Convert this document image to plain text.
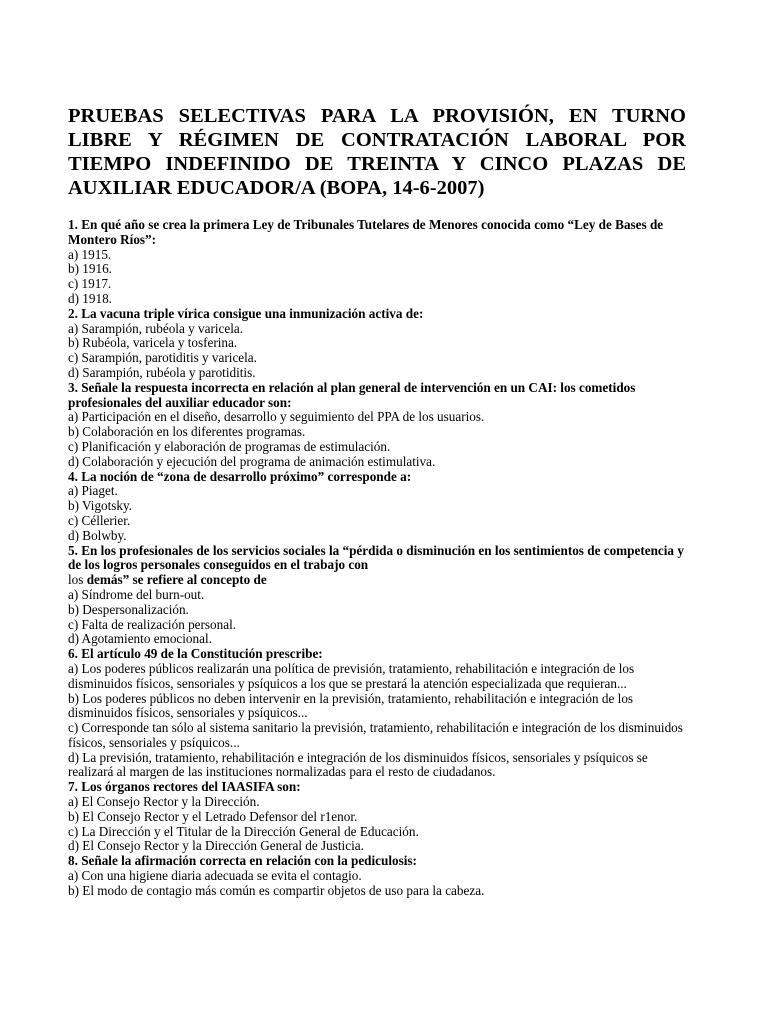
PRUEBAS SELECTIVAS PARA LA PROVISIÓN, EN TURNO LIBRE Y RÉGIMEN DE CONTRATACIÓN LABORAL POR TIEMPO INDEFINIDO DE TREINTA Y CINCO PLAZAS DE AUXILIAR EDUCADOR/A (BOPA, 14-6-2007)
1. En qué año se crea la primera Ley de Tribunales Tutelares de Menores conocida como “Ley de Bases de Montero Ríos”:
a) 1915.
b) 1916.
c) 1917.
d) 1918.
2. La vacuna triple vírica consigue una inmunización activa de:
a) Sarampión, rubéola y varicela.
b) Rubéola, varicela y tosferina.
c) Sarampión, parotiditis y varicela.
d) Sarampión, rubéola y parotiditis.
3. Señale la respuesta incorrecta en relación al plan general de intervención en un CAI: los cometidos profesionales del auxiliar educador son:
a) Participación en el diseño, desarrollo y seguimiento del PPA de los usuarios.
b) Colaboración en los diferentes programas.
c) Planificación y elaboración de programas de estimulación.
d) Colaboración y ejecución del programa de animación estimulativa.
4. La noción de “zona de desarrollo próximo” corresponde a:
a) Piaget.
b) Vigotsky.
c) Céllerier.
d) Bolwby.
5. En los profesionales de los servicios sociales la “pérdida o disminución en los sentimientos de competencia y de los logros personales conseguidos en el trabajo con
los demás” se refiere al concepto de
a) Síndrome del burn-out.
b) Despersonalización.
c) Falta de realización personal.
d) Agotamiento emocional.
6. El artículo 49 de la Constitución prescribe:
a) Los poderes públicos realizarán una política de previsión, tratamiento, rehabilitación e integración de los disminuidos físicos, sensoriales y psíquicos a los que se prestará la atención especializada que requieran...
b) Los poderes públicos no deben intervenir en la previsión, tratamiento, rehabilitación e integración de los disminuidos físicos, sensoriales y psíquicos...
c) Corresponde tan sólo al sistema sanitario la previsión, tratamiento, rehabilitación e integración de los disminuidos físicos, sensoriales y psíquicos...
d) La previsión, tratamiento, rehabilitación e integración de los disminuidos físicos, sensoriales y psíquicos se realizará al margen de las instituciones normalizadas para el resto de ciudadanos.
7. Los órganos rectores del IAASIFA son:
a) El Consejo Rector y la Dirección.
b) El Consejo Rector y el Letrado Defensor del r1enor.
c) La Dirección y el Titular de la Dirección General de Educación.
d) El Consejo Rector y la Dirección General de Justicia.
8. Señale la afirmación correcta en relación con la pediculosis:
a) Con una higiene diaria adecuada se evita el contagio.
b) El modo de contagio más común es compartir objetos de uso para la cabeza.
